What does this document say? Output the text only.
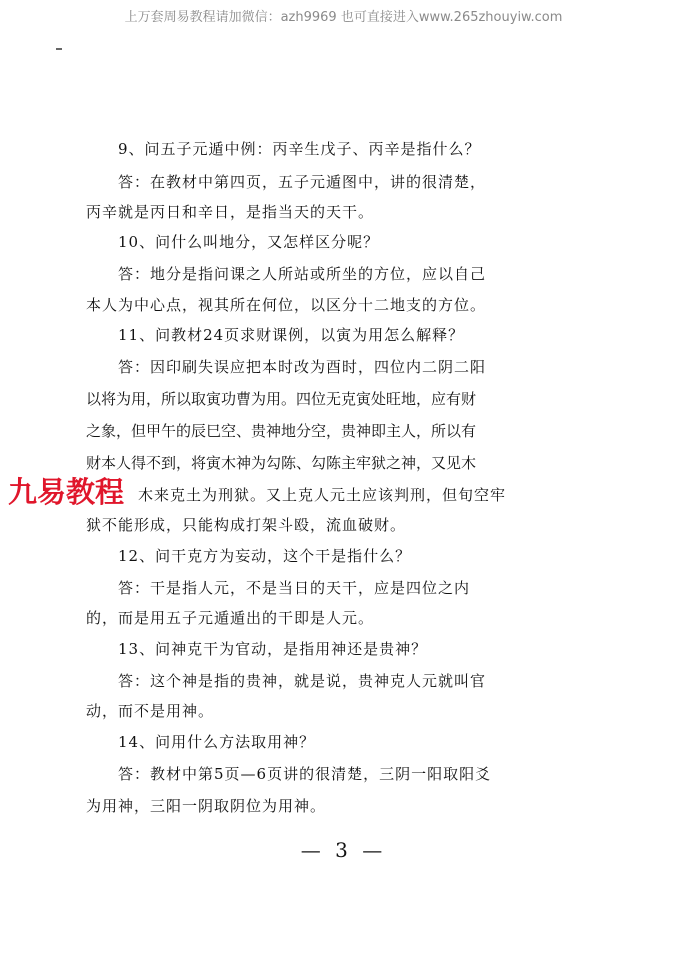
上万套周易教程请加微信：azh9969 也可直接进入www.265zhouyiw.com
9、问五子元遁中例：丙辛生戊子、丙辛是指什么？
答：在教材中第四页，五子元遁图中，讲的很清楚，
丙辛就是丙日和辛日，是指当天的天干。
10、问什么叫地分，又怎样区分呢？
答：地分是指问课之人所站或所坐的方位，应以自己
本人为中心点，视其所在何位，以区分十二地支的方位。
11、问教材24页求财课例，以寅为用怎么解释？
答：因印刷失误应把本时改为酉时，四位内二阴二阳
以将为用，所以取寅功曹为用。四位无克寅处旺地，应有财
之象，但甲午的辰巳空、贵神地分空，贵神即主人，所以有
财本人得不到，将寅木神为勾陈、勾陈主牢狱之神，又见木
木来克土为刑狱。又上克人元土应该判刑，但旬空牢
狱不能形成，只能构成打架斗殴，流血破财。
12、问干克方为妄动，这个干是指什么？
答：干是指人元，不是当日的天干，应是四位之内
的，而是用五子元遁遁出的干即是人元。
13、问神克干为官动，是指用神还是贵神？
答：这个神是指的贵神，就是说，贵神克人元就叫官
动，而不是用神。
14、问用什么方法取用神？
答：教材中第5页—6页讲的很清楚，三阴一阳取阳爻
为用神，三阳一阴取阴位为用神。
九易教程
— 3 —
